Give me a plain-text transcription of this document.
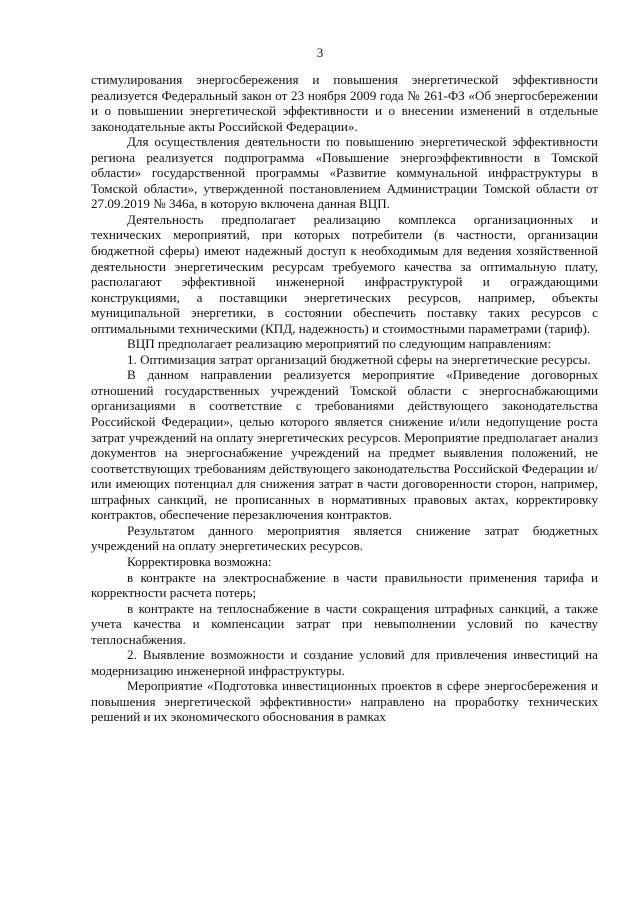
3

стимулирования энергосбережения и повышения энергетической эффективности реализуется Федеральный закон от 23 ноября 2009 года № 261-ФЗ «Об энергосбережении и о повышении энергетической эффективности и о внесении изменений в отдельные законодательные акты Российской Федерации».

Для осуществления деятельности по повышению энергетической эффективности региона реализуется подпрограмма «Повышение энергоэффективности в Томской области» государственной программы «Развитие коммунальной инфраструктуры в Томской области», утвержденной постановлением Администрации Томской области от 27.09.2019 № 346а, в которую включена данная ВЦП.

Деятельность предполагает реализацию комплекса организационных и технических мероприятий, при которых потребители (в частности, организации бюджетной сферы) имеют надежный доступ к необходимым для ведения хозяйственной деятельности энергетическим ресурсам требуемого качества за оптимальную плату, располагают эффективной инженерной инфраструктурой и ограждающими конструкциями, а поставщики энергетических ресурсов, например, объекты муниципальной энергетики, в состоянии обеспечить поставку таких ресурсов с оптимальными техническими (КПД, надежность) и стоимостными параметрами (тариф).

ВЦП предполагает реализацию мероприятий по следующим направлениям:

1. Оптимизация затрат организаций бюджетной сферы на энергетические ресурсы.

В данном направлении реализуется мероприятие «Приведение договорных отношений государственных учреждений Томской области с энергоснабжающими организациями в соответствие с требованиями действующего законодательства Российской Федерации», целью которого является снижение и/или недопущение роста затрат учреждений на оплату энергетических ресурсов. Мероприятие предполагает анализ документов на энергоснабжение учреждений на предмет выявления положений, не соответствующих требованиям действующего законодательства Российской Федерации и/или имеющих потенциал для снижения затрат в части договоренности сторон, например, штрафных санкций, не прописанных в нормативных правовых актах, корректировку контрактов, обеспечение перезаключения контрактов.

Результатом данного мероприятия является снижение затрат бюджетных учреждений на оплату энергетических ресурсов.

Корректировка возможна:

в контракте на электроснабжение в части правильности применения тарифа и корректности расчета потерь;

в контракте на теплоснабжение в части сокращения штрафных санкций, а также учета качества и компенсации затрат при невыполнении условий по качеству теплоснабжения.

2. Выявление возможности и создание условий для привлечения инвестиций на модернизацию инженерной инфраструктуры.

Мероприятие «Подготовка инвестиционных проектов в сфере энергосбережения и повышения энергетической эффективности» направлено на проработку технических решений и их экономического обоснования в рамках
